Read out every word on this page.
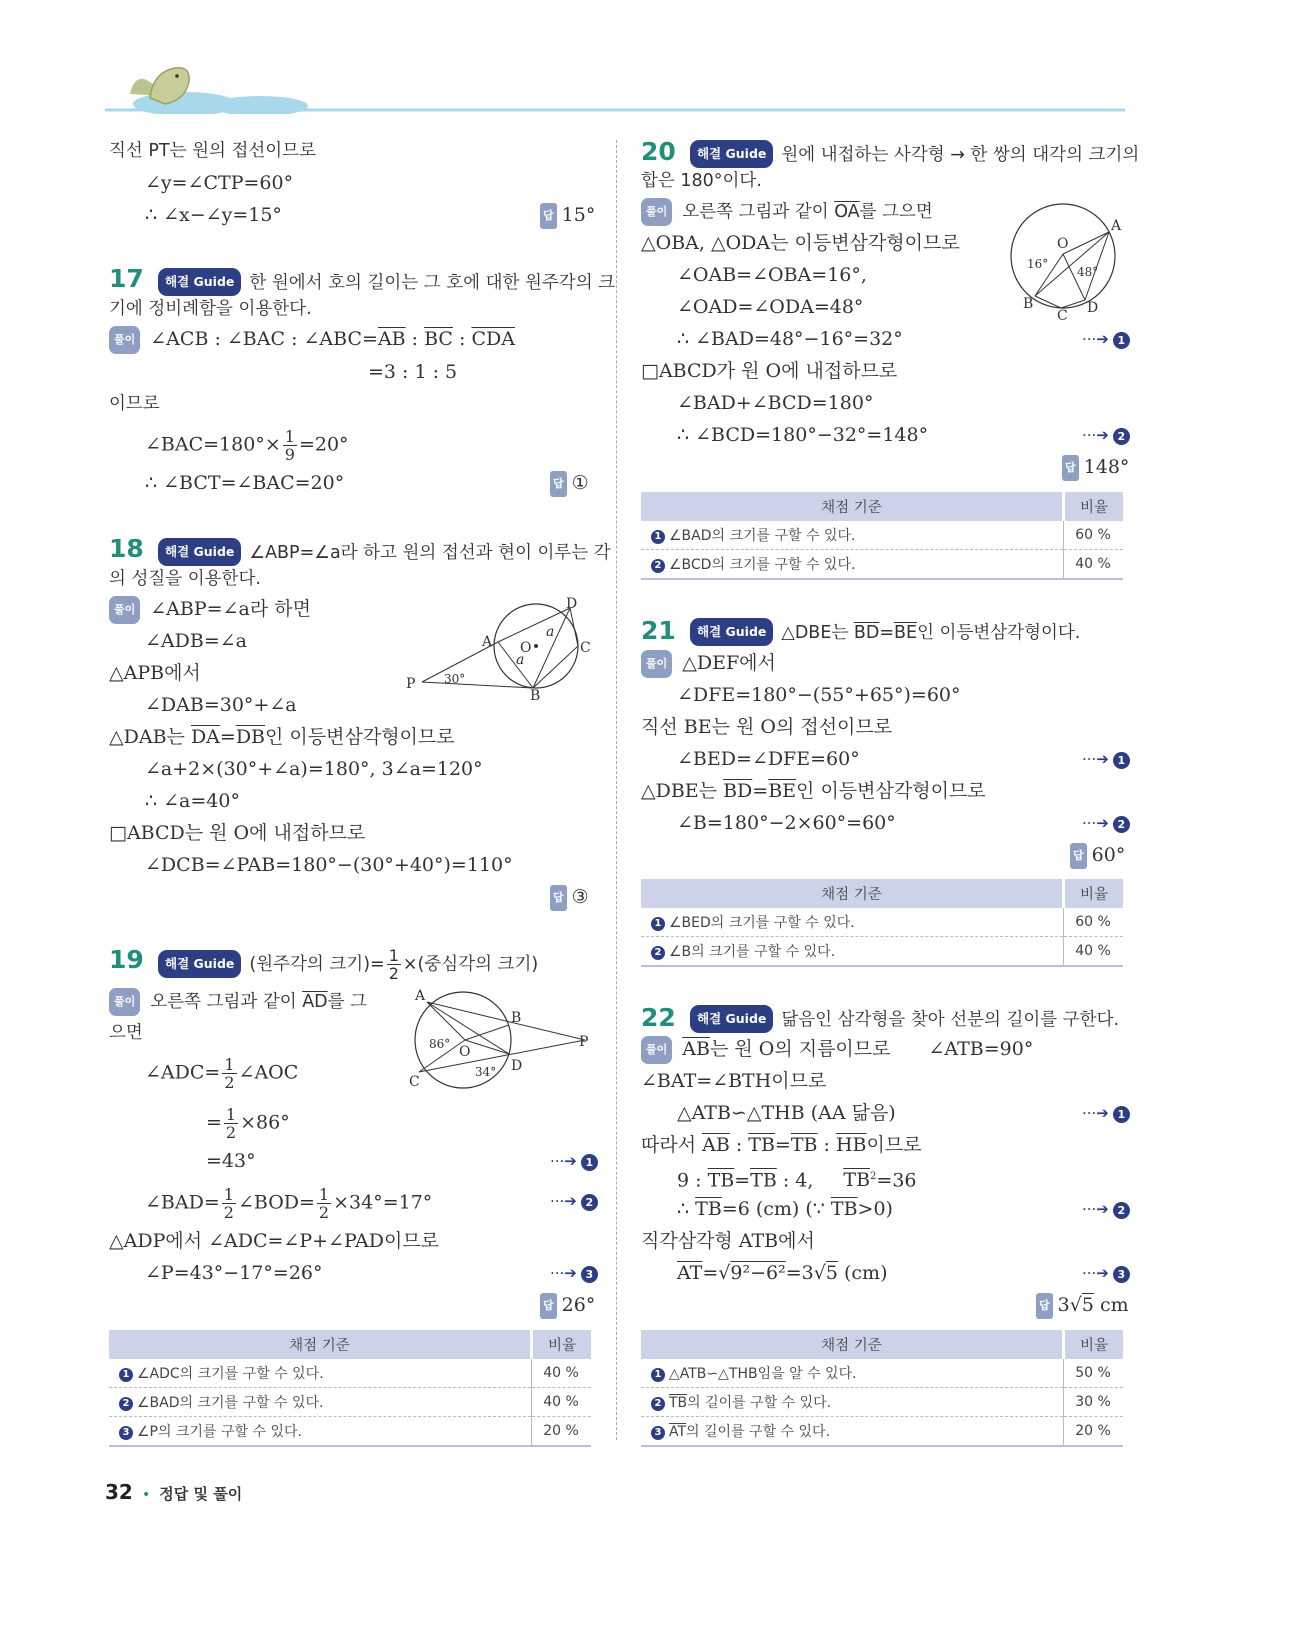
직선 PT는 원의 접선이므로
∠y=∠CTP=60°
∴ ∠x−∠y=15°	답 15°
17	해결 Guide 한 원에서 호의 길이는 그 호에 대한 원주각의 크
기에 정비례함을 이용한다.
풀이 ∠ACB : ∠BAC : $\angle ABC=\overline{AB}$ : $\overline{BC}$ : $\overline{CDA}$
=3 : 1 : 5
이므로
∠BAC=180°× $\frac{1}{9} =20^\circ$
∴ ∠BCT=∠BAC=20°	답 ①
18	해결 Guide ∠ABP=∠a라 하고 원의 접선과 현이 이루는 각
의 성질을 이용한다.
풀이 ∠ABP=∠a라 하면
∠ADB=∠a
△APB에서
∠DAB=30°+∠a
△DAB는 $\overline{DA}=\overline{DB}$인 이등변삼각형이므로
∠a+2×(30°+∠a)=180°, 3∠a=120°
∴ ∠a=40°
□ABCD는 원 O에 내접하므로
∠DCB=∠PAB=180°−(30°+40°)=110°
답 ③
D
A O	C
P
B
30°
a
a
19	해결 Guide (원주각의 크기)= $\frac{1}{2}$ ×(중심각의 크기)
풀이 오른쪽 그림과 같이 $\overline{AD}$를 그
으면
∠ADC= $\frac{1}{2}$ ∠AOC
= $\frac{1}{2} \times 86^\circ$
=43°	···➔ 1
∠BAD= $\frac{1}{2}$ ∠BOD= $\frac{1}{2} \times 34^\circ=17^\circ$	···➔ 2
△ADP에서 ∠ADC=∠P+∠PAD이므로
∠P=43°−17°=26°	···➔ 3
답 26°
A
B
O
P
C
D
86°
34°
채점 기준	비율
1 ∠ADC의 크기를 구할 수 있다.	40 %
2 ∠BAD의 크기를 구할 수 있다.	40 %
3 ∠P의 크기를 구할 수 있다.	20 %
20	해결 Guide 원에 내접하는 사각형 → 한 쌍의 대각의 크기의
합은 180°이다.
풀이 오른쪽 그림과 같이 $\overline{OA}$를 그으면
△OBA, △ODA는 이등변삼각형이므로
∠OAB=∠OBA=16°,
∠OAD=∠ODA=48°
∴ ∠BAD=48°−16°=32°	···➔ 1
□ABCD가 원 O에 내접하므로
∠BAD+∠BCD=180°
∴ ∠BCD=180°−32°=148°	···➔ 2
답 148°
A
O
B
C D
16°
48°
채점 기준	비율
1 ∠BAD의 크기를 구할 수 있다.	60 %
2 ∠BCD의 크기를 구할 수 있다.	40 %
21	해결 Guide △DBE는 $\overline{BD}=\overline{BE}$인 이등변삼각형이다.
풀이 △DEF에서
∠DFE=180°−(55°+65°)=60°
직선 BE는 원 O의 접선이므로
∠BED=∠DFE=60°	···➔ 1
△DBE는 $\overline{BD}=\overline{BE}$인 이등변삼각형이므로
∠B=180°−2×60°=60°	···➔ 2
답 60°
채점 기준	비율
1 ∠BED의 크기를 구할 수 있다.	60 %
2 ∠B의 크기를 구할 수 있다.	40 %
22	해결 Guide 닮음인 삼각형을 찾아 선분의 길이를 구한다.
풀이 $\overline{AB}$는 원 O의 지름이므로 ∠ATB=90°
∠BAT=∠BTH이므로
△ATB∽△THB (AA 닮음)	···➔ 1
따라서 $\overline{AB}$ : $\overline{TB}=\overline{TB}$ : $\overline{HB}$이므로
9 : $\overline{TB}=\overline{TB}$ : 4, $\overline{TB}^2=36$
∴ $\overline{TB}=6$ (cm) (∵ $\overline{TB}>0$)	···➔ 2
직각삼각형 ATB에서
$\overline{AT}=√9^2-6^2=3√5$ (cm)	···➔ 3
답 3√5 cm
채점 기준	비율
1 △ATB∽△THB임을 알 수 있다.	50 %
2 $\overline{TB}$의 길이를 구할 수 있다.	30 %
3 $\overline{AT}$의 길이를 구할 수 있다.	20 %
32 • 정답 및 풀이
